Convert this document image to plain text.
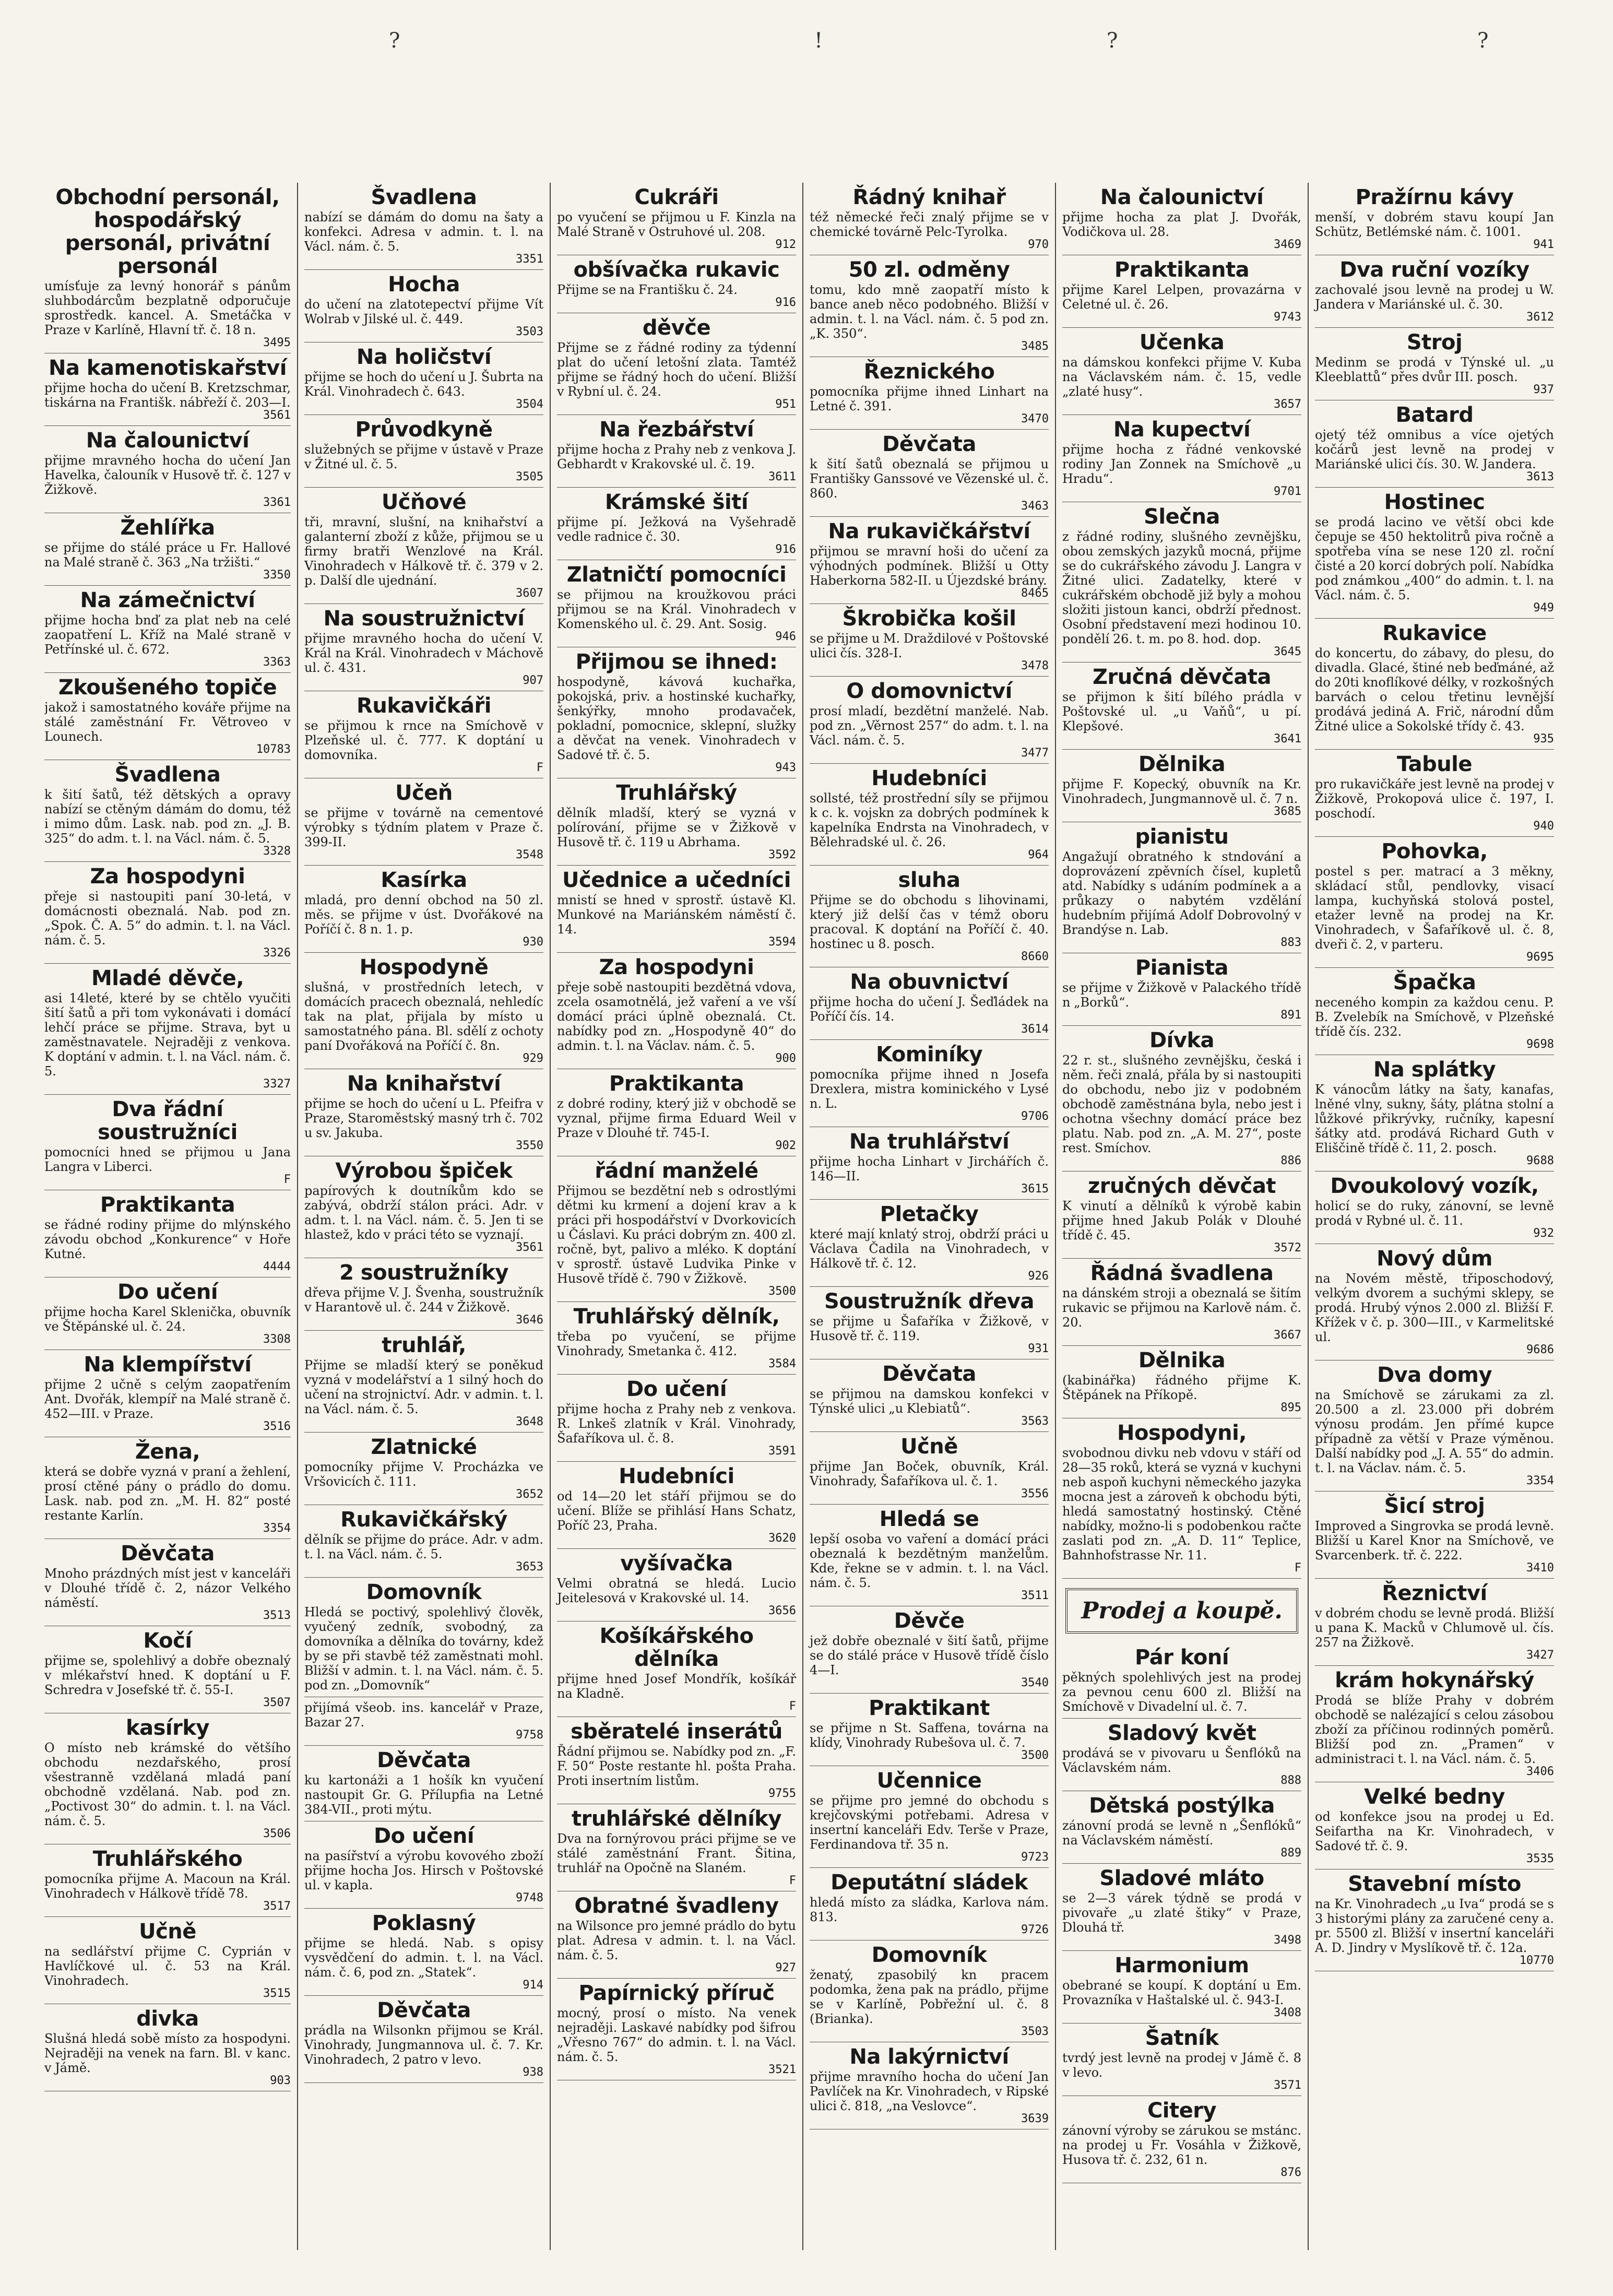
?	!	?	?
Obchodní personál, hospodářský personál, privátní personál

umísťuje za levný honorář s pánům sluhbodárcům bezplatně odporučuje sprostředk. kancel. A. Smetáčka v Praze v Karlíně, Hlavní tř. č. 18 n.

3495
Na kamenotiskařství

přijme hocha do učení B. Kretzschmar, tiskárna na Františk. nábřeží č. 203—I.

3561
Na čalounictví

přijme mravného hocha do učení Jan Havelka, čalouník v Husově tř. č. 127 v Žižkově.

3361
Žehlířka

se přijme do stálé práce u Fr. Hallové na Malé straně č. 363 „Na tržišti.“

3350
Na zámečnictví

přijme hocha bnď za plat neb na celé zaopatření L. Kříž na Malé straně v Petřínské ul. č. 672.

3363
Zkoušeného topiče

jakož i samostatného kováře přijme na stálé zaměstnání Fr. Větroveo v Lounech.

10783
Švadlena

k šití šatů, též dětských a opravy nabízí se ctěným dámám do domu, též i mimo dům. Lask. nab. pod zn. „J. B. 325“ do adm. t. l. na Václ. nám. č. 5.

3328
Za hospodyni

přeje si nastoupiti paní 30-letá, v domácnosti obeznalá. Nab. pod zn. „Spok. Č. A. 5“ do admin. t. l. na Václ. nám. č. 5.

3326
Mladé děvče,

asi 14leté, které by se chtělo vyučiti šití šatů a při tom vykonávati i domácí lehčí práce se přijme. Strava, byt u zaměstnavatele. Nejraději z venkova. K doptání v admin. t. l. na Václ. nám. č. 5.

3327
Dva řádní soustružníci

pomocníci hned se přijmou u Jana Langra v Liberci.

F
Praktikanta

se řádné rodiny přijme do mlýnského závodu obchod „Konkurence“ v Hoře Kutné.

4444
Do učení

přijme hocha Karel Sklenička, obuvník ve Štěpánské ul. č. 24.

3308
Na klempířství

přijme 2 učně s celým zaopatřením Ant. Dvořák, klempíř na Malé straně č. 452—III. v Praze.

3516
Žena,

která se dobře vyzná v praní a žehlení, prosí ctěné pány o prádlo do domu. Lask. nab. pod zn. „M. H. 82“ posté restante Karlín.

3354
Děvčata

Mnoho prázdných míst jest v kanceláři v Dlouhé třídě č. 2, názor Velkého náměstí.

3513
Kočí

přijme se, spolehlivý a dobře obeznalý v mlékařství hned. K doptání u F. Schredra v Josefské tř. č. 55-I.

3507
kasírky

O místo neb krámské do většího obchodu nezdařského, prosí všestranně vzdělaná mladá paní obchodně vzdělaná. Nab. pod zn. „Poctivost 30“ do admin. t. l. na Václ. nám. č. 5.

3506
Truhlářského

pomocníka přijme A. Macoun na Král. Vinohradech v Hálkově třídě 78.

3517
Učně

na sedlářství přijme C. Cyprián v Havlíčkové ul. č. 53 na Král. Vinohradech.

3515
divka

Slušná hledá sobě místo za hospodyni. Nejraději na venek na farn. Bl. v kanc. v Jámě.

903
Švadlena

nabízí se dámám do domu na šaty a konfekci. Adresa v admin. t. l. na Václ. nám. č. 5.

3351
Hocha

do učení na zlatotepectví přijme Vít Wolrab v Jilské ul. č. 449.

3503
Na holičství

přijme se hoch do učení u J. Šubrta na Král. Vinohradech č. 643.

3504
Průvodkyně

služebných se přijme v ústavě v Praze v Žitné ul. č. 5.

3505
Učňové

tři, mravní, slušní, na knihařství a galanterní zboží z kůže, přijmou se u firmy bratři Wenzlové na Král. Vinohradech v Hálkově tř. č. 379 v 2. p. Další dle ujednání.

3607
Na soustružnictví

přijme mravného hocha do učení V. Král na Král. Vinohradech v Máchově ul. č. 431.

907
Rukavičkáři

se přijmou k rnce na Smíchově v Plzeňské ul. č. 777. K doptání u domovníka.

F
Učeň

se přijme v továrně na cementové výrobky s týdním platem v Praze č. 399-II.

3548
Kasírka

mladá, pro denní obchod na 50 zl. měs. se přijme v úst. Dvořákové na Poříčí č. 8 n. 1. p.

930
Hospodyně

slušná, v prostředních letech, v domácích pracech obeznalá, nehledíc tak na plat, přijala by místo u samostatného pána. Bl. sdělí z ochoty paní Dvořáková na Poříčí č. 8n.

929
Na knihařství

přijme se hoch do učení u L. Pfeifra v Praze, Staroměstský masný trh č. 702 u sv. Jakuba.

3550
Výrobou špiček

papírových k doutníkům kdo se zabývá, obdrží stálon práci. Adr. v adm. t. l. na Václ. nám. č. 5. Jen ti se hlastež, kdo v práci této se vyznají.

3561
2 soustružníky

dřeva přijme V. J. Švenha, soustružník v Harantově ul. č. 244 v Žižkově.

3646
truhlář,

Přijme se mladší který se poněkud vyzná v modelářství a 1 silný hoch do učení na strojnictví. Adr. v admin. t. l. na Václ. nám. č. 5.

3648
Zlatnické

pomocníky přijme V. Procházka ve Vršovicích č. 111.

3652
Rukavičkářský

dělník se přijme do práce. Adr. v adm. t. l. na Václ. nám. č. 5.

3653
Domovník

Hledá se poctivý, spolehlivý člověk, vyučený zedník, svobodný, za domovníka a dělníka do továrny, kdež by se při stavbě též zaměstnati mohl. Bližší v admin. t. l. na Václ. nám. č. 5. pod zn. „Domovník“

přijímá všeob. ins. kancelář v Praze, Bazar 27.

9758
Děvčata

ku kartonáži a 1 hošík kn vyučení nastoupit Gr. G. Přílupfia na Letné 384-VII., proti mýtu.

Do učení

na pasířství a výrobu kovového zboží přijme hocha Jos. Hirsch v Poštovské ul. v kapla.

9748
Poklasný

přijme se hledá. Nab. s opisy vysvědčení do admin. t. l. na Václ. nám. č. 6, pod zn. „Statek“.

914
Děvčata

prádla na Wilsonkn přijmou se Král. Vinohrady, Jungmannova ul. č. 7. Kr. Vinohradech, 2 patro v levo.

938
Cukráři

po vyučení se přijmou u F. Kinzla na Malé Straně v Ostruhové ul. 208.

912
obšívačka rukavic

Přijme se na Františku č. 24.

916
děvče

Přijme se z řádné rodiny za týdenní plat do učení letošní zlata. Tamtéž přijme se řádný hoch do učení. Bližší v Rybní ul. č. 24.

951
Na řezbářství

přijme hocha z Prahy neb z venkova J. Gebhardt v Krakovské ul. č. 19.

3611
Krámské šití

přijme pí. Ježková na Vyšehradě vedle radnice č. 30.

916
Zlatničtí pomocníci

se přijmou na kroužkovou práci přijmou se na Král. Vinohradech v Komenského ul. č. 29. Ant. Sosig.

946
Přijmou se ihned:

hospodyně, kávová kuchařka, pokojská, priv. a hostinské kuchařky, šenkýřky, mnoho prodavaček, pokladní, pomocnice, sklepní, služky a děvčat na venek. Vinohradech v Sadové tř. č. 5.

943
Truhlářský

dělník mladší, který se vyzná v polírování, přijme se v Žižkově v Husově tř. č. 119 u Abrhama.

3592
Učednice a učedníci

mnistí se hned v sprostř. ústavě Kl. Munkové na Mariánském náměstí č. 14.

3594
Za hospodyni

přeje sobě nastoupiti bezdětná vdova, zcela osamotnělá, jež vaření a ve vší domácí práci úplně obeznalá. Ct. nabídky pod zn. „Hospodyně 40“ do admin. t. l. na Václav. nám. č. 5.

900
Praktikanta

z dobré rodiny, který již v obchodě se vyznal, přijme firma Eduard Weil v Praze v Dlouhé tř. 745-I.

902
řádní manželé

Přijmou se bezdětní neb s odrostlými dětmi ku krmení a dojení krav a k práci při hospodářství v Dvorkovicích u Čáslavi. Ku práci dobrým zn. 400 zl. ročně, byt, palivo a mléko. K doptání v sprostř. ústavě Ludvika Pinke v Husově třídě č. 790 v Žižkově.

3500
Truhlářský dělník,

třeba po vyučení, se přijme Vinohrady, Smetanka č. 412.

3584
Do učení

přijme hocha z Prahy neb z venkova. R. Lnkeš zlatník v Král. Vinohrady, Šafaříkova ul. č. 8.

3591
Hudebníci

od 14—20 let stáří přijmou se do učení. Blíže se přihlásí Hans Schatz, Poříč 23, Praha.

3620
vyšívačka

Velmi obratná se hledá. Lucio Jeitelesová v Krakovské ul. 14.

3656
Košíkářského dělníka

přijme hned Josef Mondřík, košíkář na Kladně.

F
sběratelé inserátů

Řádní přijmou se. Nabídky pod zn. „F. F. 50“ Poste restante hl. pošta Praha. Proti insertním listům.

9755
truhlářské dělníky

Dva na fornýrovou práci přijme se ve stálé zaměstnání Frant. Šitina, truhlář na Opočně na Slaném.

F
Obratné švadleny

na Wilsonce pro jemné prádlo do bytu plat. Adresa v admin. t. l. na Václ. nám. č. 5.

927
Papírnický příruč

mocný, prosí o místo. Na venek nejraději. Laskavé nabídky pod šifrou „Vřesno 767“ do admin. t. l. na Václ. nám. č. 5.

3521
Řádný knihař

též německé řeči znalý přijme se v chemické továrně Pelc-Tyrolka.

970
50 zl. odměny

tomu, kdo mně zaopatří místo k bance aneb něco podobného. Bližší v admin. t. l. na Václ. nám. č. 5 pod zn. „K. 350“.

3485
Řeznického

pomocníka přijme ihned Linhart na Letné č. 391.

3470
Děvčata

k šití šatů obeznalá se přijmou u Františky Ganssové ve Vězenské ul. č. 860.

3463
Na rukavičkářství

přijmou se mravní hoši do učení za výhodných podmínek. Bližší u Otty Haberkorna 582-II. u Újezdské brány.

8465
Škrobička košil

se přijme u M. Draždilové v Poštovské ulici čís. 328-I.

3478
O domovnictví

prosí mladí, bezdětní manželé. Nab. pod zn. „Věrnost 257“ do adm. t. l. na Václ. nám. č. 5.

3477
Hudebníci

sollsté, též prostřední síly se přijmou k c. k. vojskn za dobrých podmínek k kapelníka Endrsta na Vinohradech, v Bělehradské ul. č. 26.

964
sluha

Přijme se do obchodu s lihovinami, který již delší čas v témž oboru pracoval. K doptání na Poříčí č. 40. hostinec u 8. posch.

8660
Na obuvnictví

přijme hocha do učení J. Šeďládek na Poříčí čís. 14.

3614
Kominíky

pomocníka přijme ihned n Josefa Drexlera, mistra kominického v Lysé n. L.

9706
Na truhlářství

přijme hocha Linhart v Jirchářích č. 146—II.

3615
Pletačky

které mají knlatý stroj, obdrží práci u Václava Čadila na Vinohradech, v Hálkově tř. č. 12.

926
Soustružník dřeva

se přijme u Šafaříka v Žižkově, v Husově tř. č. 119.

931
Děvčata

se přijmou na damskou konfekci v Týnské ulici „u Klebiatů“.

3563
Učně

přijme Jan Boček, obuvník, Král. Vinohrady, Šafaříkova ul. č. 1.

3556
Hledá se

lepší osoba vo vaření a domácí práci obeznalá k bezdětným manželům. Kde, řekne se v admin. t. l. na Václ. nám. č. 5.

3511
Děvče

jež dobře obeznalé v šití šatů, přijme se do stálé práce v Husově třídě číslo 4—I.

3540
Praktikant

se přijme n St. Saffena, továrna na klídy, Vinohrady Rubešova ul. č. 7.

3500
Učennice

se přijme pro jemné do obchodu s krejčovskými potřebami. Adresa v insertní kanceláři Edv. Terše v Praze, Ferdinandova tř. 35 n.

9723
Deputátní sládek

hledá místo za sládka, Karlova nám. 813.

9726
Domovník

ženatý, zpasobilý kn pracem podomka, žena pak na prádlo, přijme se v Karlíně, Pobřežní ul. č. 8 (Brianka).

3503
Na lakýrnictví

přijme mravního hocha do učení Jan Pavlíček na Kr. Vinohradech, v Ripské ulici č. 818, „na Veslovce“.

3639
Na čalounictví

přijme hocha za plat J. Dvořák, Vodičkova ul. 28.

3469
Praktikanta

přijme Karel Lelpen, provazárna v Celetné ul. č. 26.

9743
Učenka

na dámskou konfekci přijme V. Kuba na Václavském nám. č. 15, vedle „zlaté husy“.

3657
Na kupectví

přijme hocha z řádné venkovské rodiny Jan Zonnek na Smíchově „u Hradu“.

9701
Slečna

z řádné rodiny, slušného zevnějšku, obou zemských jazyků mocná, přijme se do cukrářského závodu J. Langra v Žitné ulici. Zadatelky, které v cukrářském obchodě již byly a mohou složiti jistoun kanci, obdrží přednost. Osobní představení mezi hodinou 10. pondělí 26. t. m. po 8. hod. dop.

3645
Zručná děvčata

se přijmon k šití bílého prádla v Poštovské ul. „u Vaňů“, u pí. Klepšové.

3641
Dělnika

přijme F. Kopecký, obuvník na Kr. Vinohradech, Jungmannově ul. č. 7 n.

3685
pianistu

Angažují obratného k stndování a doprovázení zpěvních čísel, kupletů atd. Nabídky s udáním podmínek a a průkazy o nabytém vzdělání hudebním přijímá Adolf Dobrovolný v Brandýse n. Lab.

883
Pianista

se přijme v Žižkově v Palackého třídě n „Borků“.

891
Dívka

22 r. st., slušného zevnějšku, česká i něm. řeči znalá, přála by si nastoupiti do obchodu, nebo jiz v podobném obchodě zaměstnána byla, nebo jest i ochotna všechny domácí práce bez platu. Nab. pod zn. „A. M. 27“, poste rest. Smíchov.

886
zručných děvčat

K vinutí a dělníků k výrobě kabin přijme hned Jakub Polák v Dlouhé třídě č. 45.

3572
Řádná švadlena

na dánském stroji a obeznalá se šitím rukavic se přijmou na Karlově nám. č. 20.

3667
Dělnika

(kabinářka) řádného přijme K. Štěpánek na Příkopě.

895
Hospodyni,

svobodnou divku neb vdovu v stáří od 28—35 roků, která se vyzná v kuchyni neb aspoň kuchyni německého jazyka mocna jest a zároveň k obchodu býti, hledá samostatný hostinský. Ctěné nabídky, možno-li s podobenkou račte zaslati pod zn. „A. D. 11“ Teplice, Bahnhofstrasse Nr. 11.

F
Prodej a koupě.
Pár koní

pěkných spolehlivých jest na prodej za pevnou cenu 600 zl. Bližší na Smíchově v Divadelní ul. č. 7.

Sladový květ

prodává se v pivovaru u Šenflóků na Václavském nám.

888
Dětská postýlka

zánovní prodá se levně n „Šenflóků“ na Václavském náměstí.

889
Sladové mláto

se 2—3 várek týdně se prodá v pivovaře „u zlaté štiky“ v Praze, Dlouhá tř.

3498
Harmonium

obebrané se koupí. K doptání u Em. Provazníka v Haštalské ul. č. 943-I.

3408
Šatník

tvrdý jest levně na prodej v Jámě č. 8 v levo.

3571
Citery

zánovní výroby se zárukou se mstánc. na prodej u Fr. Vosáhla v Žižkově, Husova tř. č. 232, 61 n.

876
Pražírnu kávy

menší, v dobrém stavu koupí Jan Schütz, Betlémské nám. č. 1001.

941
Dva ruční vozíky

zachovalé jsou levně na prodej u W. Jandera v Mariánské ul. č. 30.

3612
Stroj

Medinm se prodá v Týnské ul. „u Kleeblattů“ přes dvůr III. posch.

937
Batard

ojetý též omnibus a více ojetých kočárů jest levně na prodej v Mariánské ulici čís. 30. W. Jandera.

3613
Hostinec

se prodá lacino ve větší obci kde čepuje se 450 hektolitrů piva ročně a spotřeba vína se nese 120 zl. roční čisté a 20 korcí dobrých polí. Nabídka pod známkou „400“ do admin. t. l. na Václ. nám. č. 5.

949
Rukavice

do koncertu, do zábavy, do plesu, do divadla. Glacé, štiné neb beďmáné, až do 20ti knoflíkové délky, v rozkošných barvách o celou třetinu levnější prodává jediná A. Frič, národní dům Žitné ulice a Sokolské třídy č. 43.

935
Tabule

pro rukavičkáře jest levně na prodej v Žižkově, Prokopová ulice č. 197, I. poschodí.

940
Pohovka,

postel s per. matrací a 3 měkny, skládací stůl, pendlovky, visací lampa, kuchyňská stolová postel, etažer levně na prodej na Kr. Vinohradech, v Šafaříkově ul. č. 8, dveři č. 2, v parteru.

9695
Špačka

neceného kompin za každou cenu. P. B. Zvelebík na Smíchově, v Plzeňské třídě čís. 232.

9698
Na splátky

K vánocům látky na šaty, kanafas, lněné vlny, sukny, šáty, plátna stolní a lůžkové přikrývky, ručníky, kapesní šátky atd. prodává Richard Guth v Eliščině třídě č. 11, 2. posch.

9688
Dvoukolový vozík,

holicí se do ruky, zánovní, se levně prodá v Rybné ul. č. 11.

932
Nový dům

na Novém městě, třiposchodový, velkým dvorem a suchými sklepy, se prodá. Hrubý výnos 2.000 zl. Bližší F. Křížek v č. p. 300—III., v Karmelitské ul.

9686
Dva domy

na Smíchově se zárukami za zl. 20.500 a zl. 23.000 při dobrém výnosu prodám. Jen přímé kupce případně za větší v Praze výměnou. Další nabídky pod „J. A. 55“ do admin. t. l. na Václav. nám. č. 5.

3354
Šicí stroj

Improved a Singrovka se prodá levně. Bližší u Karel Knor na Smíchově, ve Svarcenberk. tř. č. 222.

3410
Řeznictví

v dobrém chodu se levně prodá. Bližší u pana K. Macků v Chlumově ul. čís. 257 na Žižkově.

3427
krám hokynářský

Prodá se blíže Prahy v dobrém obchodě se nalézající s celou zásobou zboží za příčinou rodinných poměrů. Bližší pod zn. „Pramen“ v administraci t. l. na Václ. nám. č. 5.

3406
Velké bedny

od konfekce jsou na prodej u Ed. Seifartha na Kr. Vinohradech, v Sadové tř. č. 9.

3535
Stavební místo

na Kr. Vinohradech „u Iva“ prodá se s 3 historými plány za zaručené ceny a. pr. 5500 zl. Bližší v insertní kanceláři A. D. Jindry v Myslíkově tř. č. 12a.

10770
